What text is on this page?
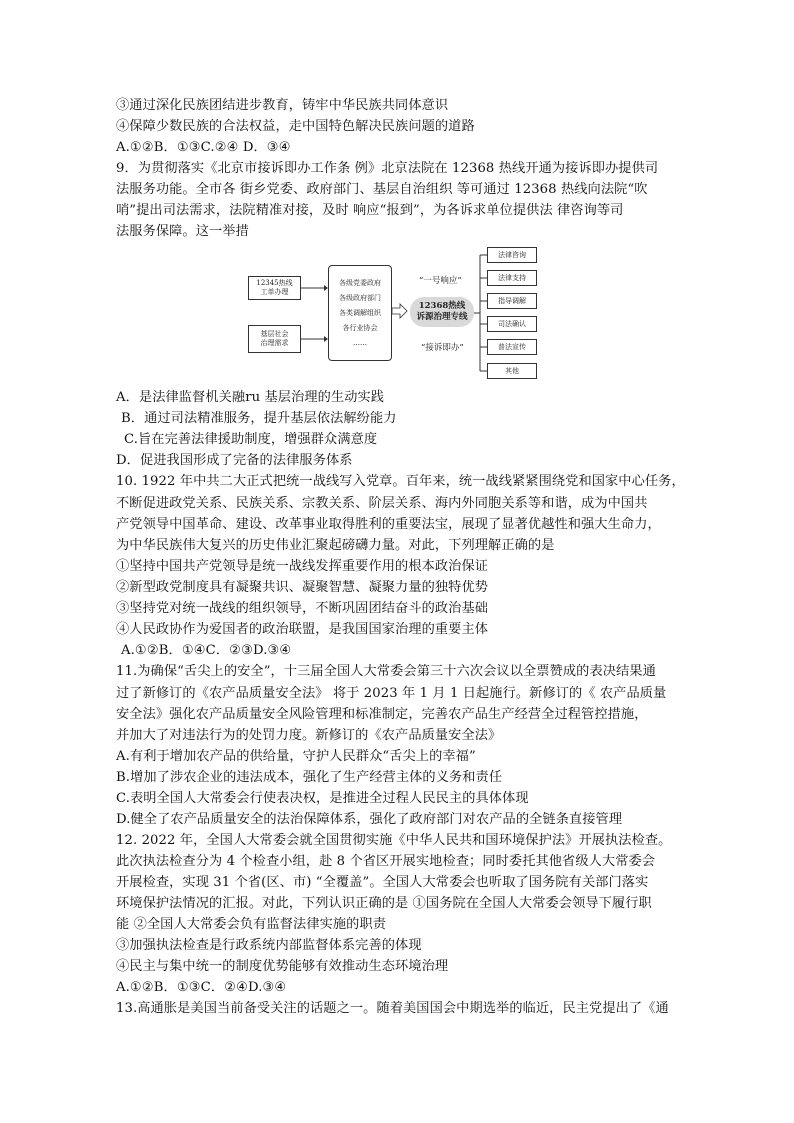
③通过深化民族团结进步教育，铸牢中华民族共同体意识
④保障少数民族的合法权益，走中国特色解决民族问题的道路
A.①②B．①③C.②④ D．③④
9．为贯彻落实《北京市接诉即办工作条 例》北京法院在 12368 热线开通为接诉即办提供司
法服务功能。全市各 街乡党委、政府部门、基层自治组织 等可通过 12368 热线向法院“吹
哨”提出司法需求，法院精准对接，及时 响应“报到”，为各诉求单位提供法 律咨询等司
法服务保障。这一举措
12345热线
工单办理
基层社会
治理需求
各级党委政府
各级政府部门
各类调解组织
各行业协会
……
“一号响应”
12368热线
诉源治理专线
“接诉即办”
法律咨询
法律支持
指导调解
司法确认
普法宣传
其他
A．是法律监督机关融ru 基层治理的生动实践
B．通过司法精准服务，提升基层依法解纷能力
C.旨在完善法律援助制度，增强群众满意度
D．促进我国形成了完备的法律服务体系
10. 1922 年中共二大正式把统一战线写入党章。百年来，统一战线紧紧围绕党和国家中心任务，
不断促进政党关系、民族关系、宗教关系、阶层关系、海内外同胞关系等和谐，成为中国共
产党领导中国革命、建设、改革事业取得胜利的重要法宝，展现了显著优越性和强大生命力，
为中华民族伟大复兴的历史伟业汇聚起磅礴力量。对此，下列理解正确的是
①坚持中国共产党领导是统一战线发挥重要作用的根本政治保证
②新型政党制度具有凝聚共识、凝聚智慧、凝聚力量的独特优势
③坚持党对统一战线的组织领导，不断巩固团结奋斗的政治基础
④人民政协作为爱国者的政治联盟，是我国国家治理的重要主体
A.①②B．①④C．②③D.③④
11.为确保“舌尖上的安全”，十三届全国人大常委会第三十六次会议以全票赞成的表决结果通
过了新修订的《农产品质量安全法》 将于 2023 年 1 月 1 日起施行。新修订的《 农产品质量
安全法》强化农产品质量安全风险管理和标准制定，完善农产品生产经营全过程管控措施，
并加大了对违法行为的处罚力度。新修订的《农产品质量安全法》
A.有利于增加农产品的供给量，守护人民群众“舌尖上的幸福”
B.增加了涉农企业的违法成本，强化了生产经营主体的义务和责任
C.表明全国人大常委会行使表决权，是推进全过程人民民主的具体体现
D.健全了农产品质量安全的法治保障体系，强化了政府部门对农产品的全链条直接管理
12. 2022 年，全国人大常委会就全国贯彻实施《中华人民共和国环境保护法》开展执法检查。
此次执法检查分为 4 个检查小组，赴 8 个省区开展实地检查；同时委托其他省级人大常委会
开展检查，实现 31 个省(区、市) “全覆盖”。全国人大常委会也听取了国务院有关部门落实
环境保护法情况的汇报。对此，下列认识正确的是 ①国务院在全国人大常委会领导下履行职
能 ②全国人大常委会负有监督法律实施的职责
③加强执法检查是行政系统内部监督体系完善的体现
④民主与集中统一的制度优势能够有效推动生态环境治理
A.①②B．①③C．②④D.③④
13.高通胀是美国当前备受关注的话题之一。随着美国国会中期选举的临近，民主党提出了《通
